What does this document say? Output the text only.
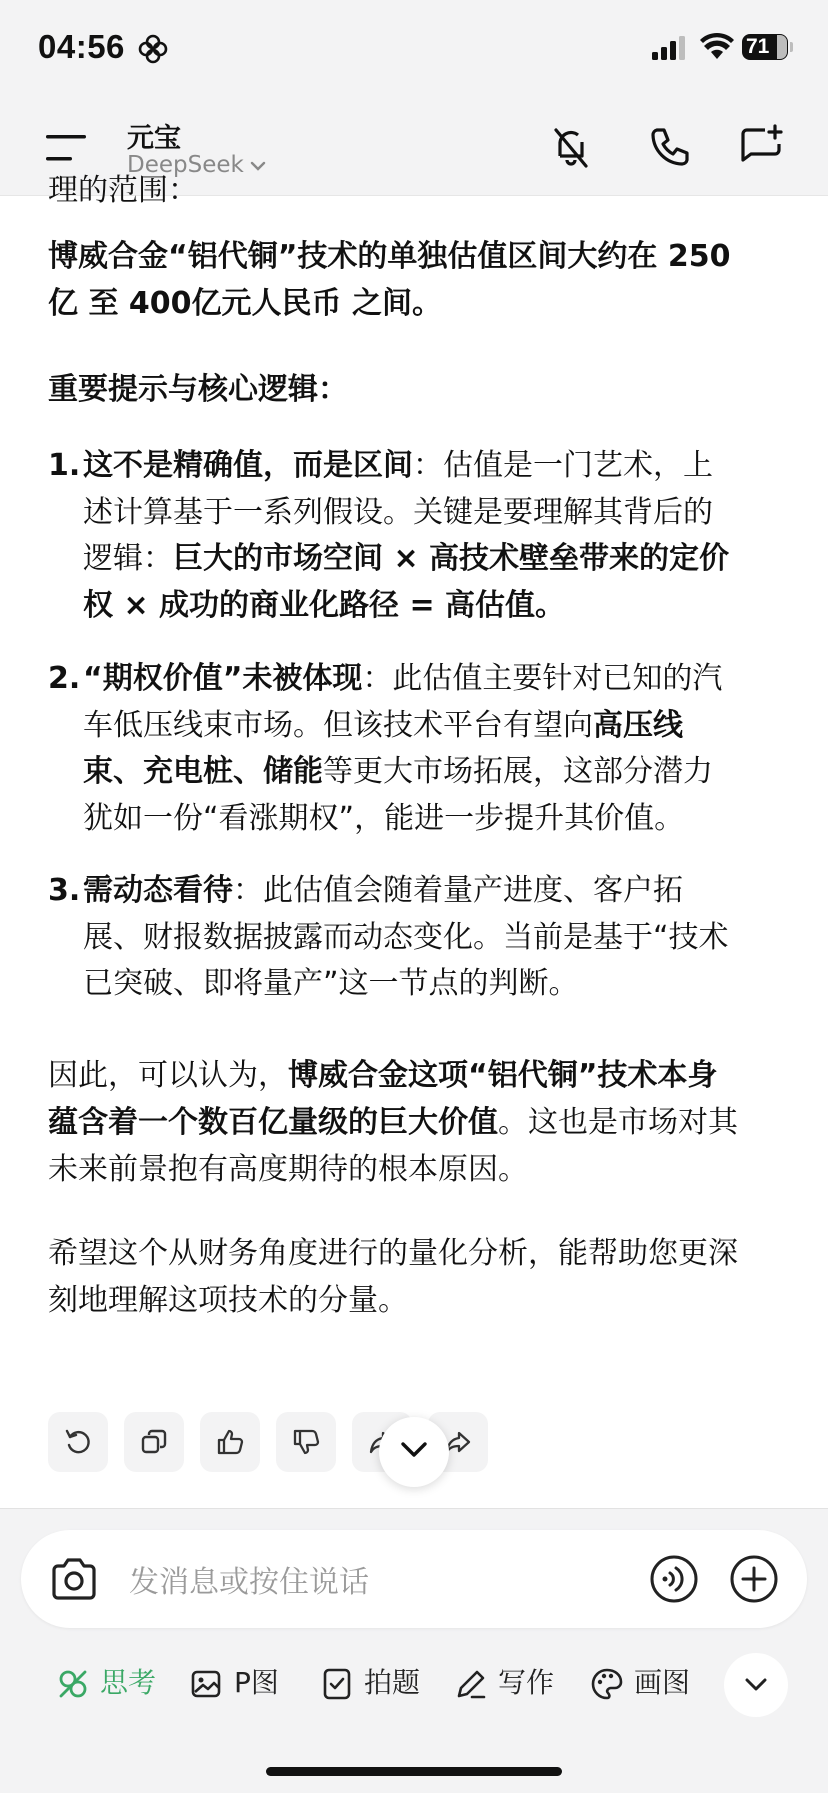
04:56	71
元宝
DeepSeek
理的范围：
博威合金“铝代铜”技术的单独估值区间大约在 250
亿 至 400亿元人民币 之间。
重要提示与核心逻辑：
1. 这不是精确值，而是区间：估值是一门艺术，上
述计算基于一系列假设。关键是要理解其背后的
逻辑：巨大的市场空间 × 高技术壁垒带来的定价
权 × 成功的商业化路径 = 高估值。
2. “期权价值”未被体现：此估值主要针对已知的汽
车低压线束市场。但该技术平台有望向高压线
束、充电桩、储能等更大市场拓展，这部分潜力
犹如一份“看涨期权”，能进一步提升其价值。
3. 需动态看待：此估值会随着量产进度、客户拓
展、财报数据披露而动态变化。当前是基于“技术
已突破、即将量产”这一节点的判断。
因此，可以认为，博威合金这项“铝代铜”技术本身
蕴含着一个数百亿量级的巨大价值。这也是市场对其
未来前景抱有高度期待的根本原因。
希望这个从财务角度进行的量化分析，能帮助您更深
刻地理解这项技术的分量。
发消息或按住说话
思考	P图	拍题	写作	画图
